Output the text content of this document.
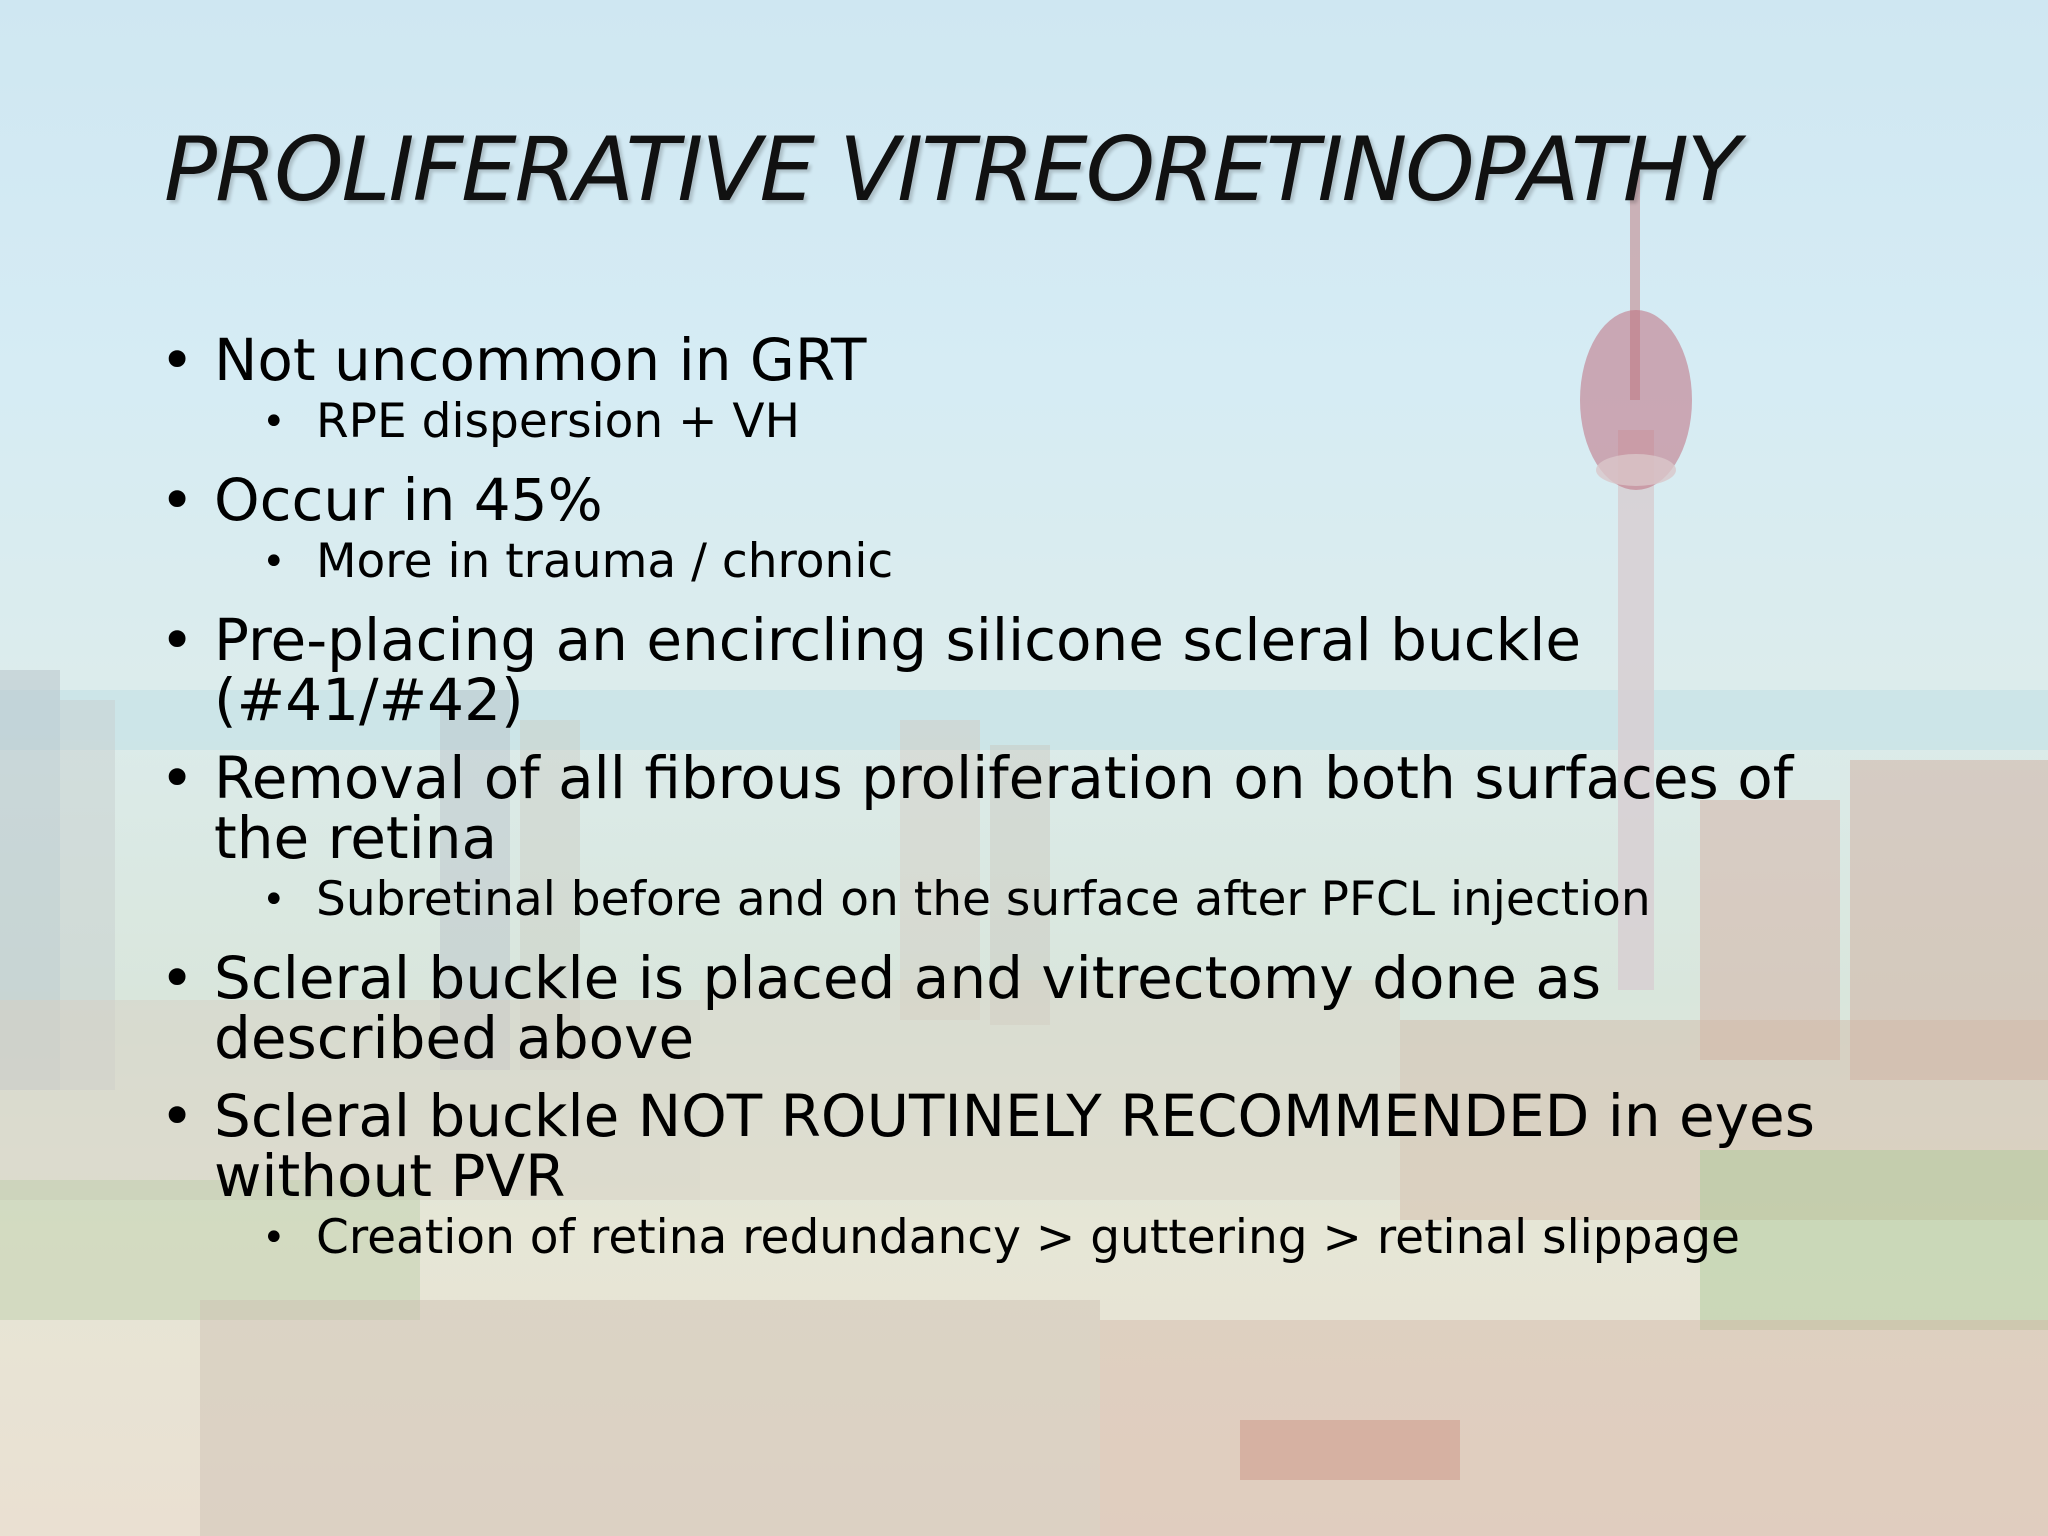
PROLIFERATIVE VITREORETINOPATHY
• Not uncommon in GRT
• RPE dispersion + VH
• Occur in 45%
• More in trauma / chronic
• Pre-placing an encircling silicone scleral buckle (#41/#42)
• Removal of all fibrous proliferation on both surfaces of the retina
• Subretinal before and on the surface after PFCL injection
• Scleral buckle is placed and vitrectomy done as described above
• Scleral buckle NOT ROUTINELY RECOMMENDED in eyes without PVR
• Creation of retina redundancy > guttering > retinal slippage
